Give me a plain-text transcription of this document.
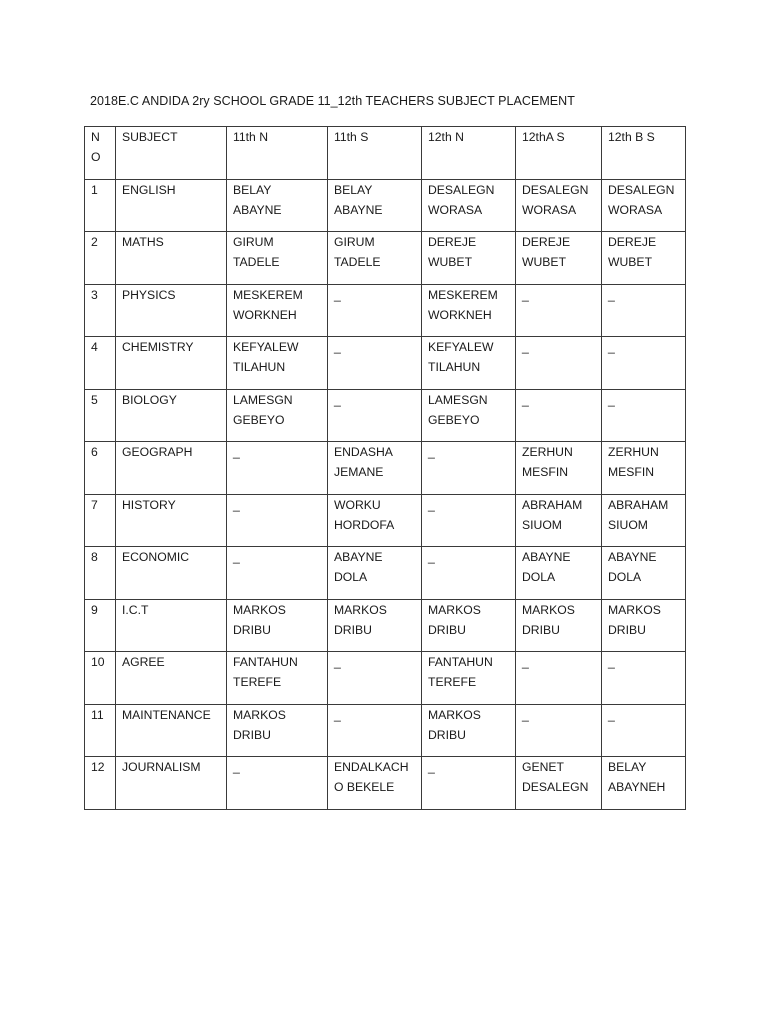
2018E.C ANDIDA 2ry SCHOOL GRADE 11_12th TEACHERS SUBJECT PLACEMENT
N O	SUBJECT	11th N	11th S	12th N	12thA S	12th B S

1	ENGLISH	BELAY ABAYNE	BELAY ABAYNE	DESALEGN WORASA	DESALEGN WORASA	DESALEGN WORASA

2	MATHS	GIRUM TADELE	GIRUM TADELE	DEREJE WUBET	DEREJE WUBET	DEREJE WUBET

3	PHYSICS	MESKEREM WORKNEH	_	MESKEREM WORKNEH	_	_

4	CHEMISTRY	KEFYALEW TILAHUN	_	KEFYALEW TILAHUN	_	_

5	BIOLOGY	LAMESGN GEBEYO	_	LAMESGN GEBEYO	_	_

6	GEOGRAPH	_	ENDASHA JEMANE	_	ZERHUN MESFIN	ZERHUN MESFIN

7	HISTORY	_	WORKU HORDOFA	_	ABRAHAM SIUOM	ABRAHAM SIUOM

8	ECONOMIC	_	ABAYNE DOLA	_	ABAYNE DOLA	ABAYNE DOLA

9	I.C.T	MARKOS DRIBU	MARKOS DRIBU	MARKOS DRIBU	MARKOS DRIBU	MARKOS DRIBU

10	AGREE	FANTAHUN TEREFE	_	FANTAHUN TEREFE	_	_

11	MAINTENANCE	MARKOS DRIBU	_	MARKOS DRIBU	_	_

12	JOURNALISM	_	ENDALKACHO BEKELE	_	GENET DESALEGN	BELAY ABAYNEH
